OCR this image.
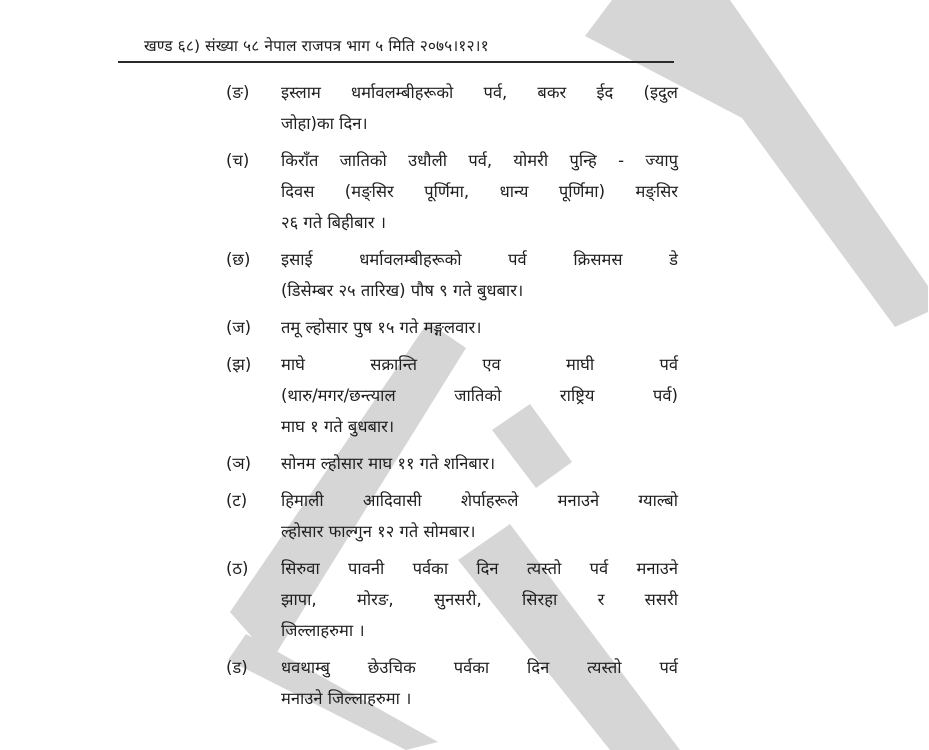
खण्ड ६८) संख्या ५८ नेपाल राजपत्र भाग ५ मिति २०७५।१२।१
(ङ) इस्लाम धर्मावलम्बीहरूको पर्व, बकर ईद (इदुल
जोहा)का दिन।
(च) किराँत जातिको उधौली पर्व, योमरी पुन्हि - ज्यापु
दिवस (मङ्सिर पूर्णिमा, धान्य पूर्णिमा) मङ्सिर
२६ गते बिहीबार ।
(छ) इसाई धर्मावलम्बीहरूको पर्व क्रिसमस डे
(डिसेम्बर २५ तारिख) पौष ९ गते बुधबार।
(ज) तमू ल्होसार पुष १५ गते मङ्गलवार।
(झ) माघे सक्रान्ति एव माघी पर्व
(थारु/मगर/छन्त्याल जातिको राष्ट्रिय पर्व)
माघ १ गते बुधबार।
(ञ) सोनम ल्होसार माघ ११ गते शनिबार।
(ट) हिमाली आदिवासी शेर्पाहरूले मनाउने ग्याल्बो
ल्होसार फाल्गुन १२ गते सोमबार।
(ठ) सिरुवा पावनी पर्वका दिन त्यस्तो पर्व मनाउने
झापा, मोरङ, सुनसरी, सिरहा र ससरी
जिल्लाहरुमा ।
(ड) धवथाम्बु छेउचिक पर्वका दिन त्यस्तो पर्व
मनाउने जिल्लाहरुमा ।
